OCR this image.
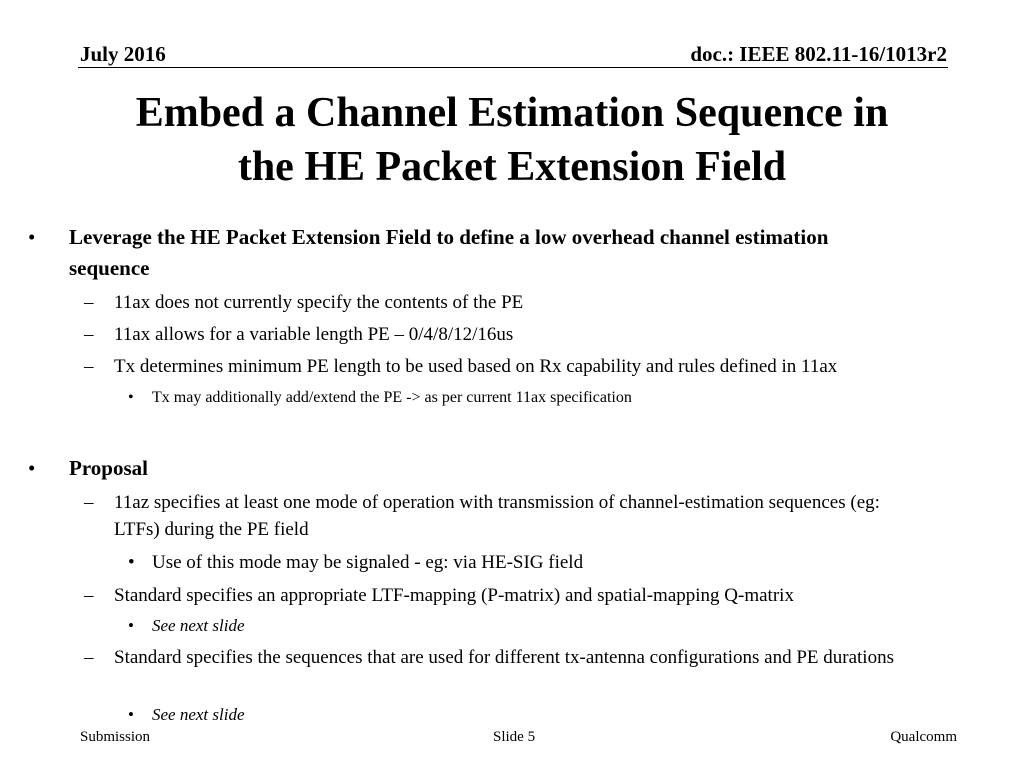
July 2016	doc.: IEEE 802.11-16/1013r2
Embed a Channel Estimation Sequence in
the HE Packet Extension Field
•	Leverage the HE Packet Extension Field to define a low overhead channel estimation sequence
–	11ax does not currently specify the contents of the PE
–	11ax allows for a variable length PE – 0/4/8/12/16us
–	Tx determines minimum PE length to be used based on Rx capability and rules defined in 11ax
•	Tx may additionally add/extend the PE -> as per current 11ax specification
•	Proposal
–	11az specifies at least one mode of operation with transmission of channel-estimation sequences (eg: LTFs) during the PE field
• Use of this mode may be signaled - eg: via HE-SIG field
–	Standard specifies an appropriate LTF-mapping (P-matrix) and spatial-mapping Q-matrix
•	See next slide
–	Standard specifies the sequences that are used for different tx-antenna configurations and PE durations
•	See next slide
Submission	Slide 5	Qualcomm
